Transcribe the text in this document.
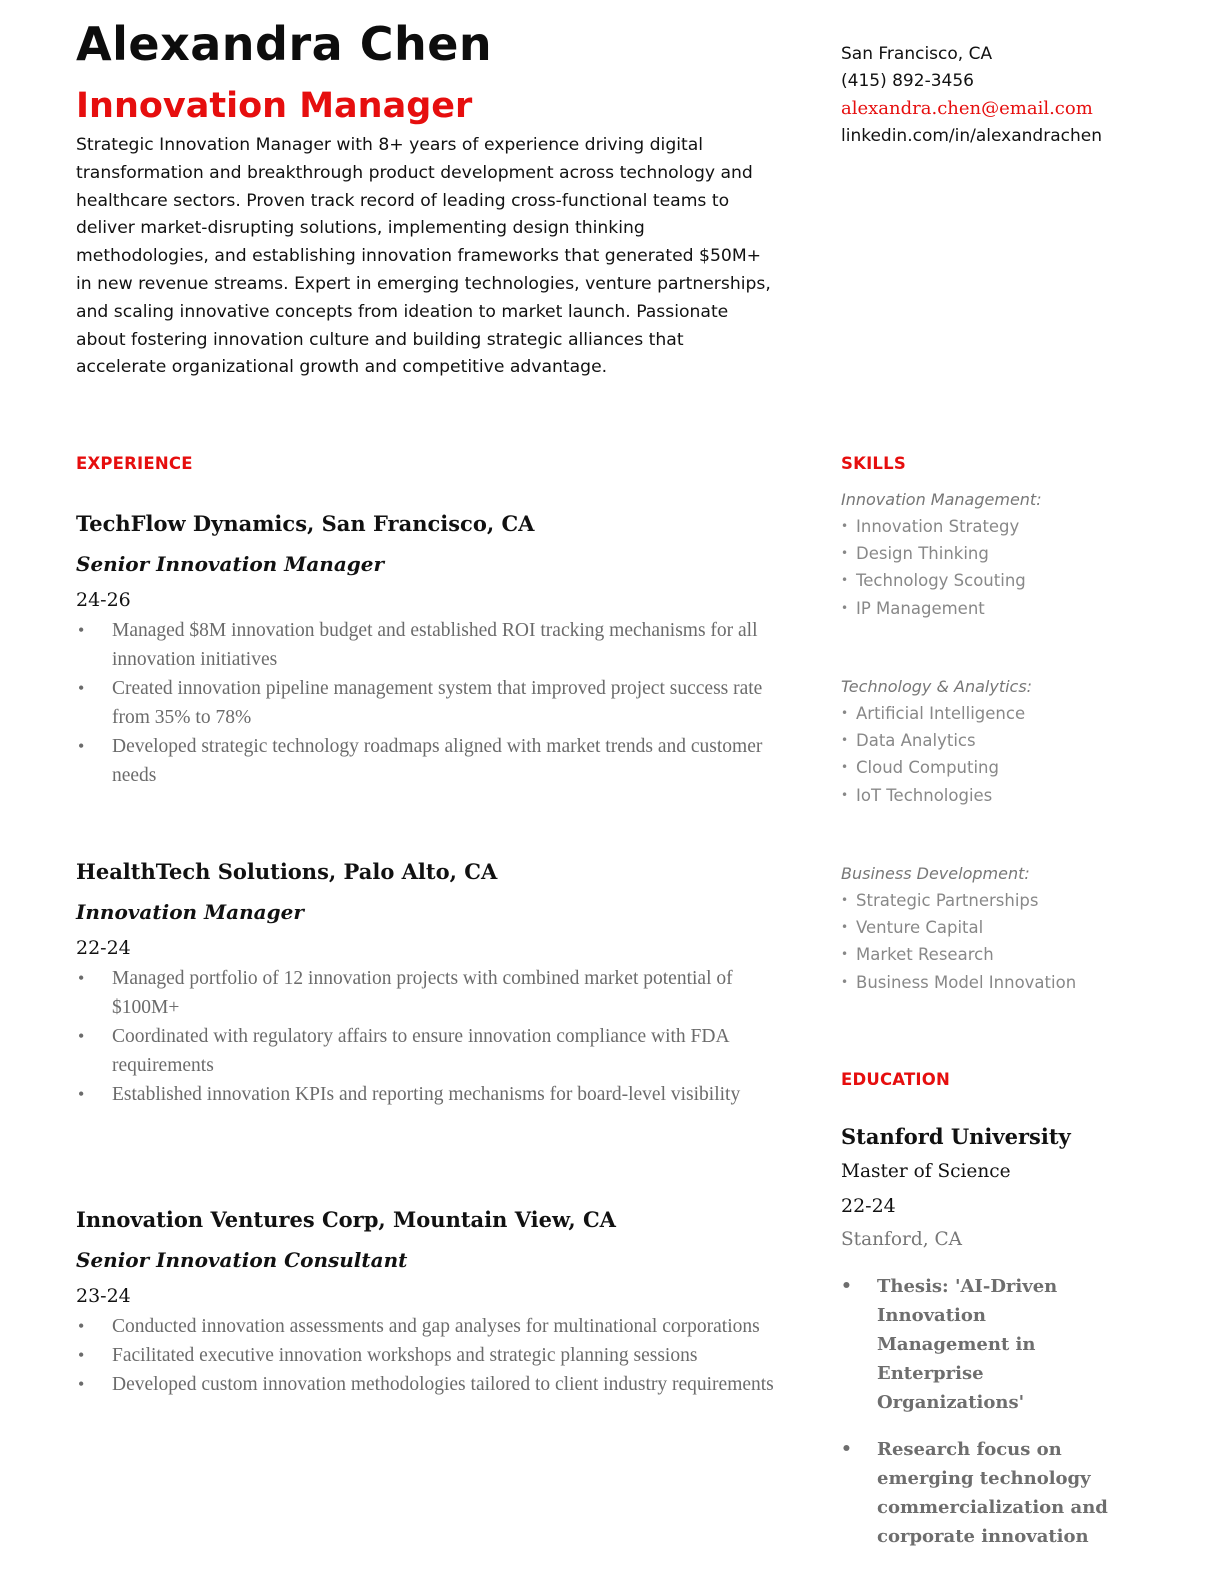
Alexandra Chen
Innovation Manager

Strategic Innovation Manager with 8+ years of experience driving digital transformation and breakthrough product development across technology and healthcare sectors. Proven track record of leading cross-functional teams to deliver market-disrupting solutions, implementing design thinking methodologies, and establishing innovation frameworks that generated $50M+ in new revenue streams. Expert in emerging technologies, venture partnerships, and scaling innovative concepts from ideation to market launch. Passionate about fostering innovation culture and building strategic alliances that accelerate organizational growth and competitive advantage.

San Francisco, CA
(415) 892-3456
alexandra.chen@email.com
linkedin.com/in/alexandrachen
EXPERIENCE

TechFlow Dynamics, San Francisco, CA

Senior Innovation Manager

24-26

• Managed $8M innovation budget and established ROI tracking mechanisms for all innovation initiatives
• Created innovation pipeline management system that improved project success rate from 35% to 78%
• Developed strategic technology roadmaps aligned with market trends and customer needs

HealthTech Solutions, Palo Alto, CA

Innovation Manager

22-24

• Managed portfolio of 12 innovation projects with combined market potential of $100M+
• Coordinated with regulatory affairs to ensure innovation compliance with FDA requirements
• Established innovation KPIs and reporting mechanisms for board-level visibility

Innovation Ventures Corp, Mountain View, CA

Senior Innovation Consultant

23-24

• Conducted innovation assessments and gap analyses for multinational corporations
• Facilitated executive innovation workshops and strategic planning sessions
• Developed custom innovation methodologies tailored to client industry requirements
SKILLS

Innovation Management:

• Innovation Strategy
• Design Thinking
• Technology Scouting
• IP Management

Technology & Analytics:

• Artificial Intelligence
• Data Analytics
• Cloud Computing
• IoT Technologies

Business Development:

• Strategic Partnerships
• Venture Capital
• Market Research
• Business Model Innovation
EDUCATION

Stanford University

Master of Science

22-24

Stanford, CA

• Thesis: 'AI-Driven Innovation Management in Enterprise Organizations'
• Research focus on emerging technology commercialization and corporate innovation
